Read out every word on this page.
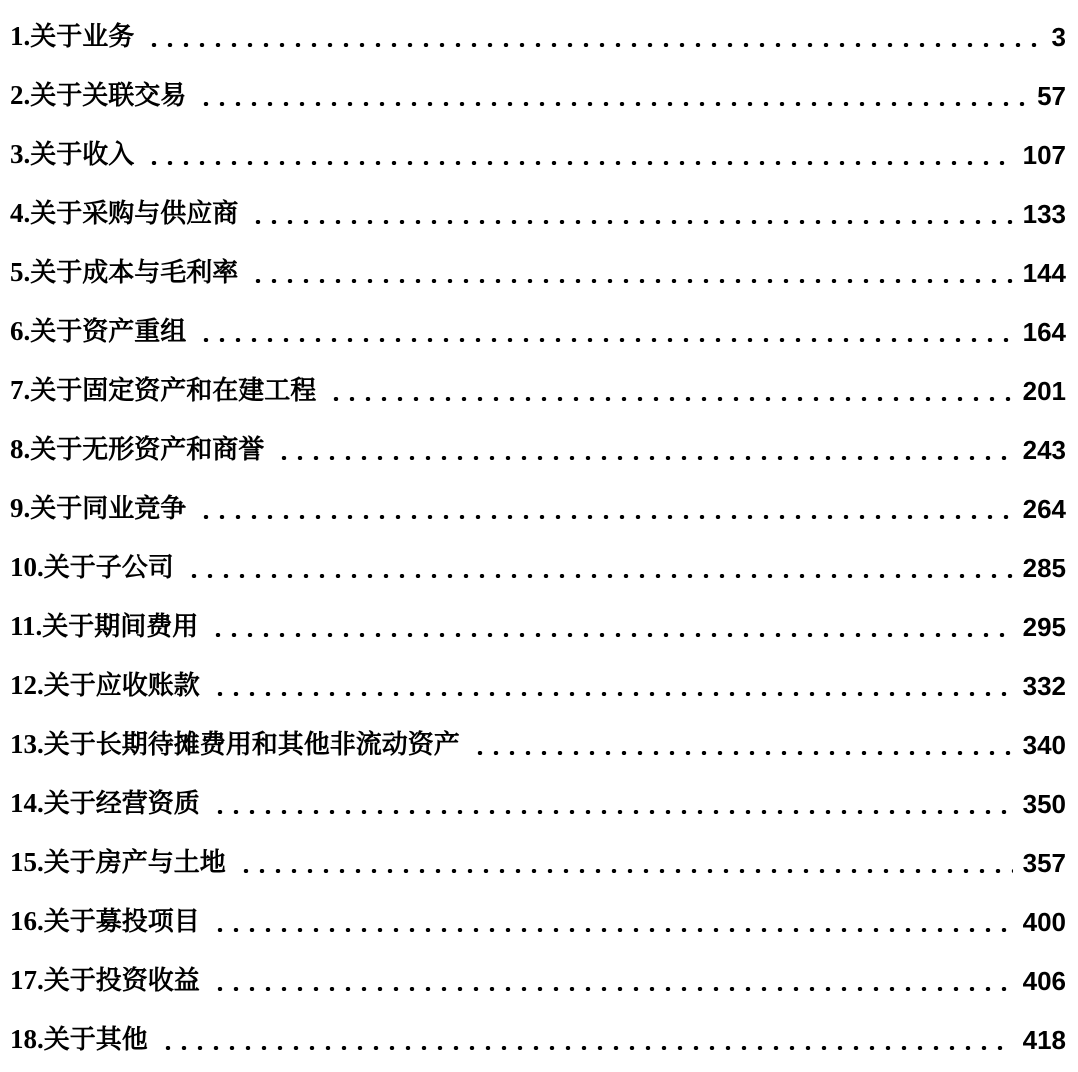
1. 关于业务	3
2. 关于关联交易	57
3. 关于收入	107
4. 关于采购与供应商	133
5. 关于成本与毛利率	144
6. 关于资产重组	164
7. 关于固定资产和在建工程	201
8. 关于无形资产和商誉	243
9. 关于同业竞争	264
10. 关于子公司	285
11. 关于期间费用	295
12. 关于应收账款	332
13. 关于长期待摊费用和其他非流动资产	340
14. 关于经营资质	350
15. 关于房产与土地	357
16. 关于募投项目	400
17. 关于投资收益	406
18. 关于其他	418
